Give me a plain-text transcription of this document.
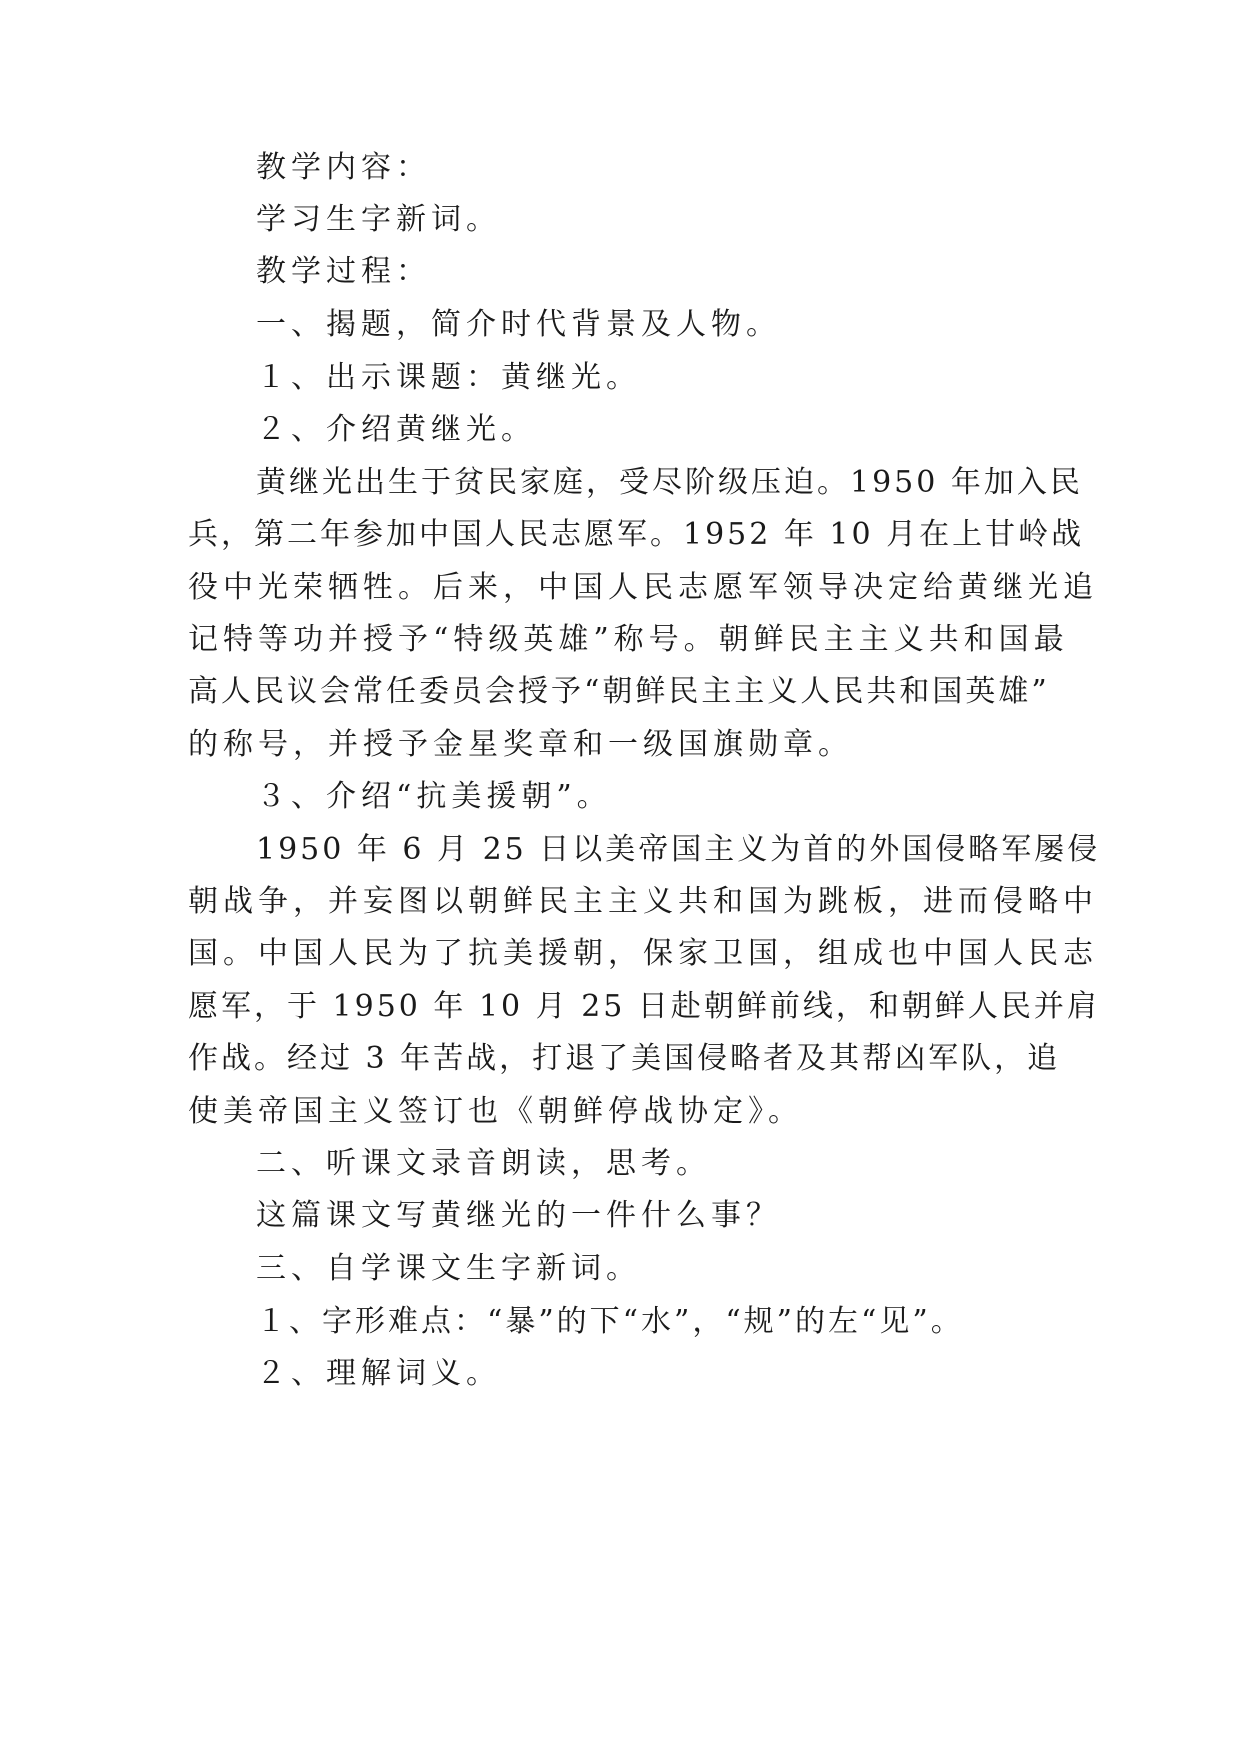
教学内容：

学习生字新词。

教学过程：

一、揭题，简介时代背景及人物。

１、出示课题：黄继光。

２、介绍黄继光。

黄继光出生于贫民家庭，受尽阶级压迫。1950 年加入民

兵，第二年参加中国人民志愿军。1952 年 10 月在上甘岭战

役中光荣牺牲。后来，中国人民志愿军领导决定给黄继光追

记特等功并授予“特级英雄”称号。朝鲜民主主义共和国最

高人民议会常任委员会授予“朝鲜民主主义人民共和国英雄”

的称号，并授予金星奖章和一级国旗勋章。

３、介绍“抗美援朝”。

1950 年 6 月 25 日以美帝国主义为首的外国侵略军屡侵

朝战争，并妄图以朝鲜民主主义共和国为跳板，进而侵略中

国。中国人民为了抗美援朝，保家卫国，组成也中国人民志

愿军，于 1950 年 10 月 25 日赴朝鲜前线，和朝鲜人民并肩

作战。经过 3 年苦战，打退了美国侵略者及其帮凶军队，追

使美帝国主义签订也《朝鲜停战协定》。

二、听课文录音朗读，思考。

这篇课文写黄继光的一件什么事？

三、自学课文生字新词。

１、字形难点：“暴”的下“水”，“规”的左“见”。

２、理解词义。
